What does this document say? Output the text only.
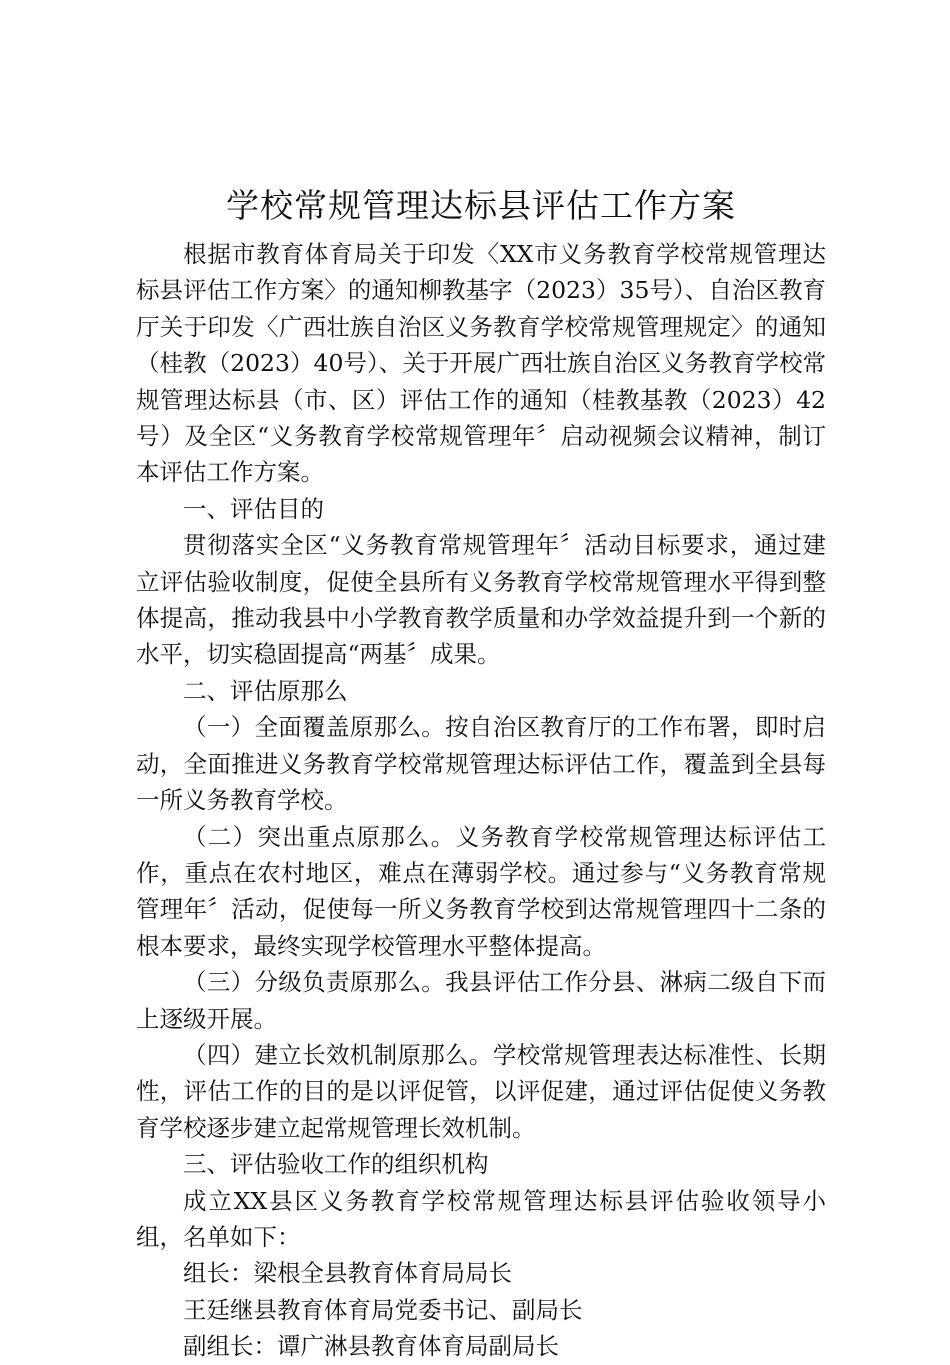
学校常规管理达标县评估工作方案

根据市教育体育局关于印发〈XX市义务教育学校常规管理达标县评估工作方案〉的通知柳教基字（2023）35号）、自治区教育厅关于印发〈广西壮族自治区义务教育学校常规管理规定〉的通知（桂教（2023）40号）、关于开展广西壮族自治区义务教育学校常规管理达标县（市、区）评估工作的通知（桂教基教（2023）42号）及全区“义务教育学校常规管理年〞启动视频会议精神，制订本评估工作方案。

一、评估目的

贯彻落实全区“义务教育常规管理年〞活动目标要求，通过建立评估验收制度，促使全县所有义务教育学校常规管理水平得到整体提高，推动我县中小学教育教学质量和办学效益提升到一个新的水平，切实稳固提高“两基〞成果。

二、评估原那么

（一）全面覆盖原那么。按自治区教育厅的工作布署，即时启动，全面推进义务教育学校常规管理达标评估工作，覆盖到全县每一所义务教育学校。

（二）突出重点原那么。义务教育学校常规管理达标评估工作，重点在农村地区，难点在薄弱学校。通过参与“义务教育常规管理年〞活动，促使每一所义务教育学校到达常规管理四十二条的根本要求，最终实现学校管理水平整体提高。

（三）分级负责原那么。我县评估工作分县、淋病二级自下而上逐级开展。

（四）建立长效机制原那么。学校常规管理表达标准性、长期性，评估工作的目的是以评促管，以评促建，通过评估促使义务教育学校逐步建立起常规管理长效机制。

三、评估验收工作的组织机构

成立XX县区义务教育学校常规管理达标县评估验收领导小组，名单如下：

组长：梁根全县教育体育局局长

王廷继县教育体育局党委书记、副局长

副组长：谭广淋县教育体育局副局长
